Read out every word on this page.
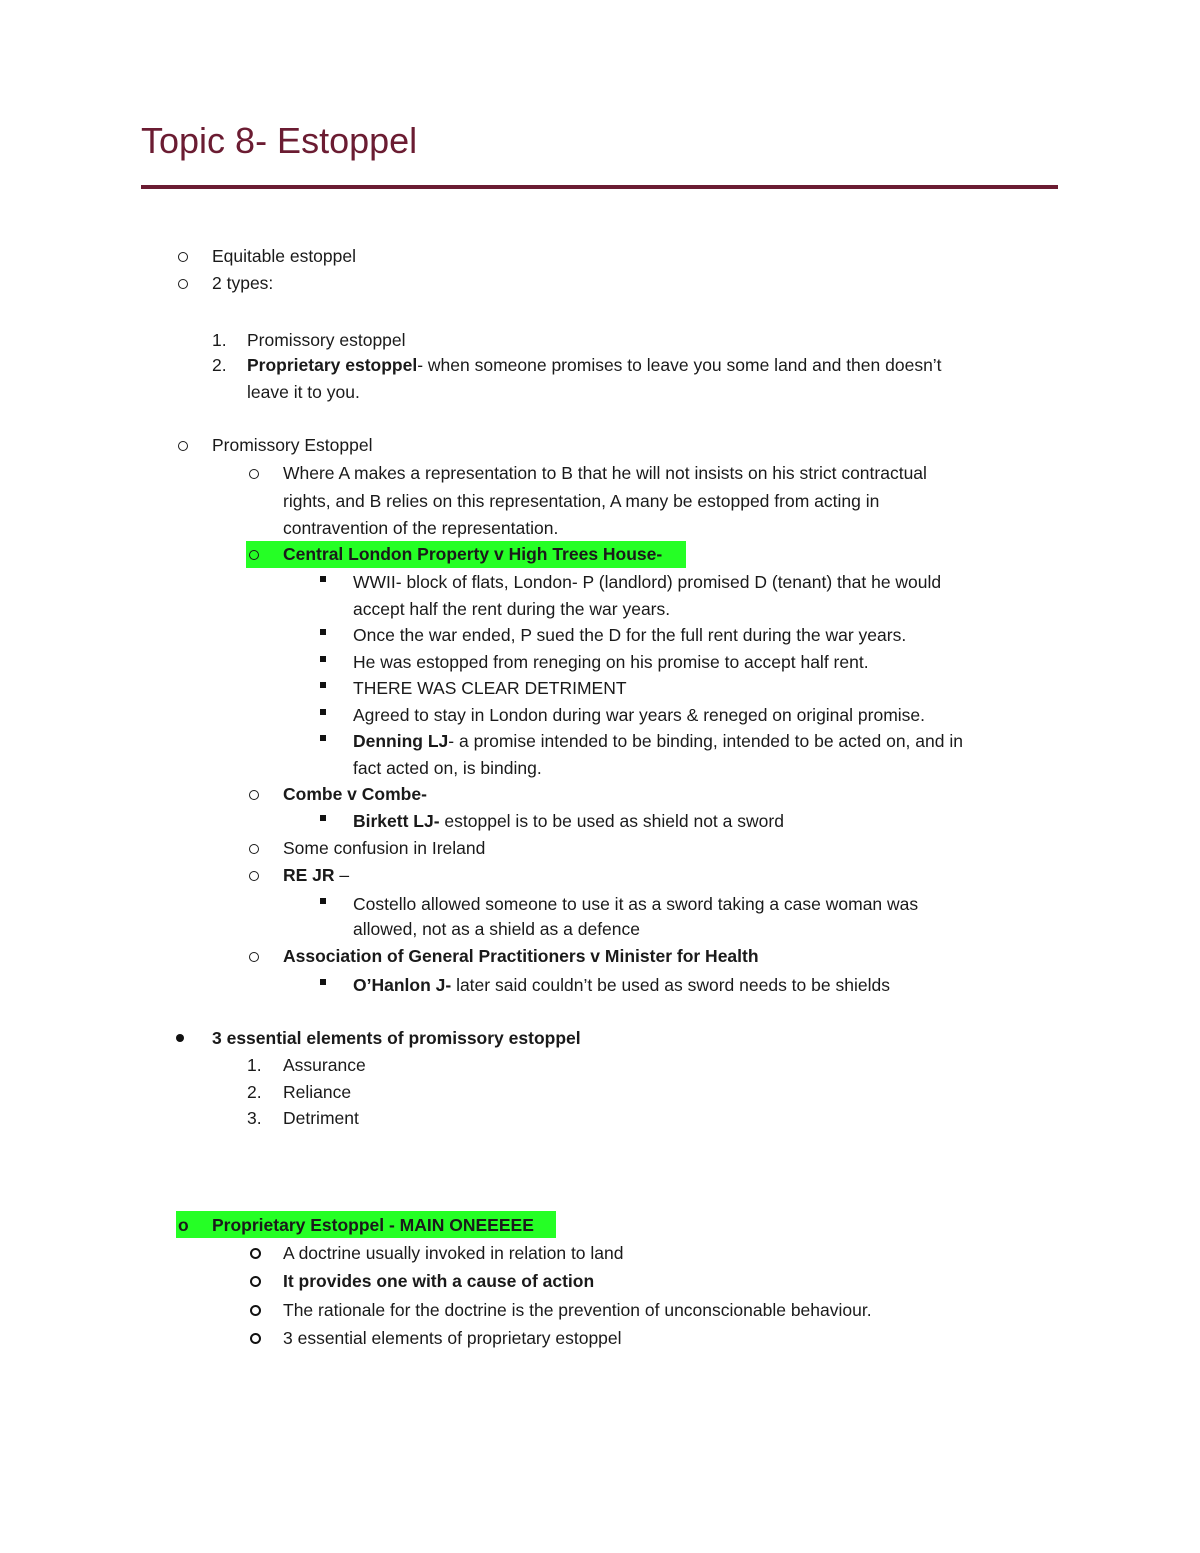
Topic 8- Estoppel
Equitable estoppel
2 types:
1. Promissory estoppel
2. Proprietary estoppel- when someone promises to leave you some land and then doesn’t
leave it to you.
Promissory Estoppel
Where A makes a representation to B that he will not insists on his strict contractual
rights, and B relies on this representation, A many be estopped from acting in
contravention of the representation.
Central London Property v High Trees House-
WWII- block of flats, London- P (landlord) promised D (tenant) that he would
accept half the rent during the war years.
Once the war ended, P sued the D for the full rent during the war years.
He was estopped from reneging on his promise to accept half rent.
THERE WAS CLEAR DETRIMENT
Agreed to stay in London during war years & reneged on original promise.
Denning LJ- a promise intended to be binding, intended to be acted on, and in
fact acted on, is binding.
Combe v Combe-
Birkett LJ- estoppel is to be used as shield not a sword
Some confusion in Ireland
RE JR –
Costello allowed someone to use it as a sword taking a case woman was
allowed, not as a shield as a defence
Association of General Practitioners v Minister for Health
O’Hanlon J- later said couldn’t be used as sword needs to be shields
3 essential elements of promissory estoppel
1. Assurance
2. Reliance
3. Detriment
o Proprietary Estoppel - MAIN ONEEEEE
A doctrine usually invoked in relation to land
It provides one with a cause of action
The rationale for the doctrine is the prevention of unconscionable behaviour.
3 essential elements of proprietary estoppel
